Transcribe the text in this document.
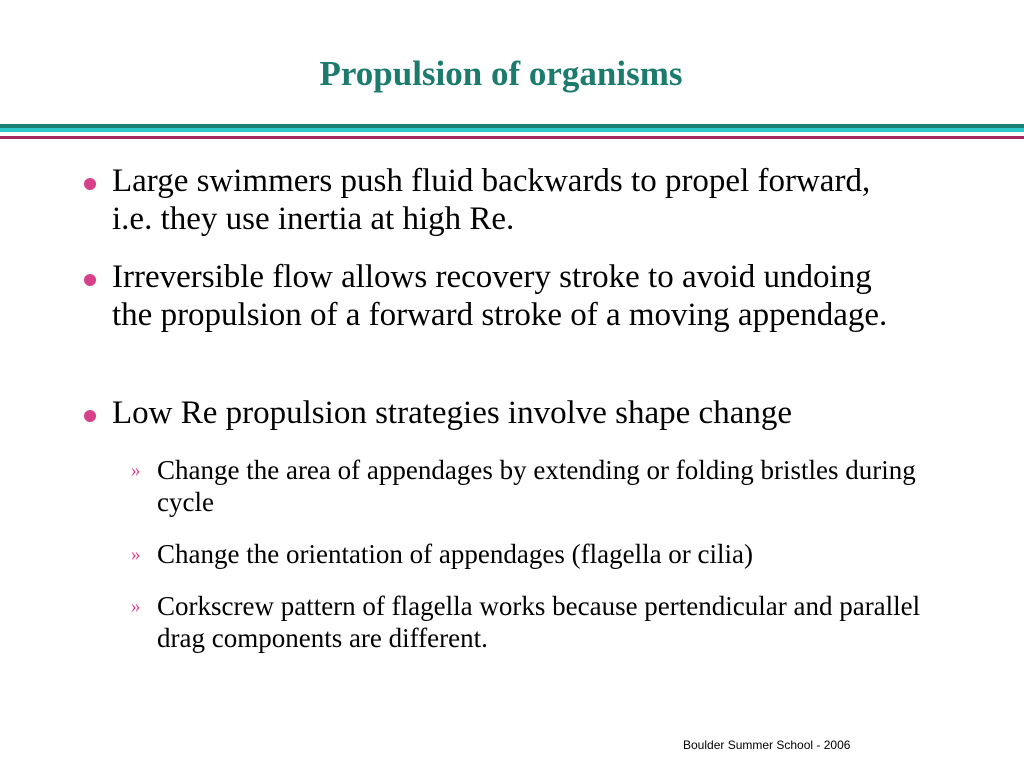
Propulsion of organisms
Large swimmers push fluid backwards to propel forward, i.e. they use inertia at high Re.
Irreversible flow allows recovery stroke to avoid undoing the propulsion of a forward stroke of a moving appendage.
Low Re propulsion strategies involve shape change
» Change the area of appendages by extending or folding bristles during cycle
» Change the orientation of appendages (flagella or cilia)
» Corkscrew pattern of flagella works because pertendicular and parallel drag components are different.
Boulder Summer School - 2006
